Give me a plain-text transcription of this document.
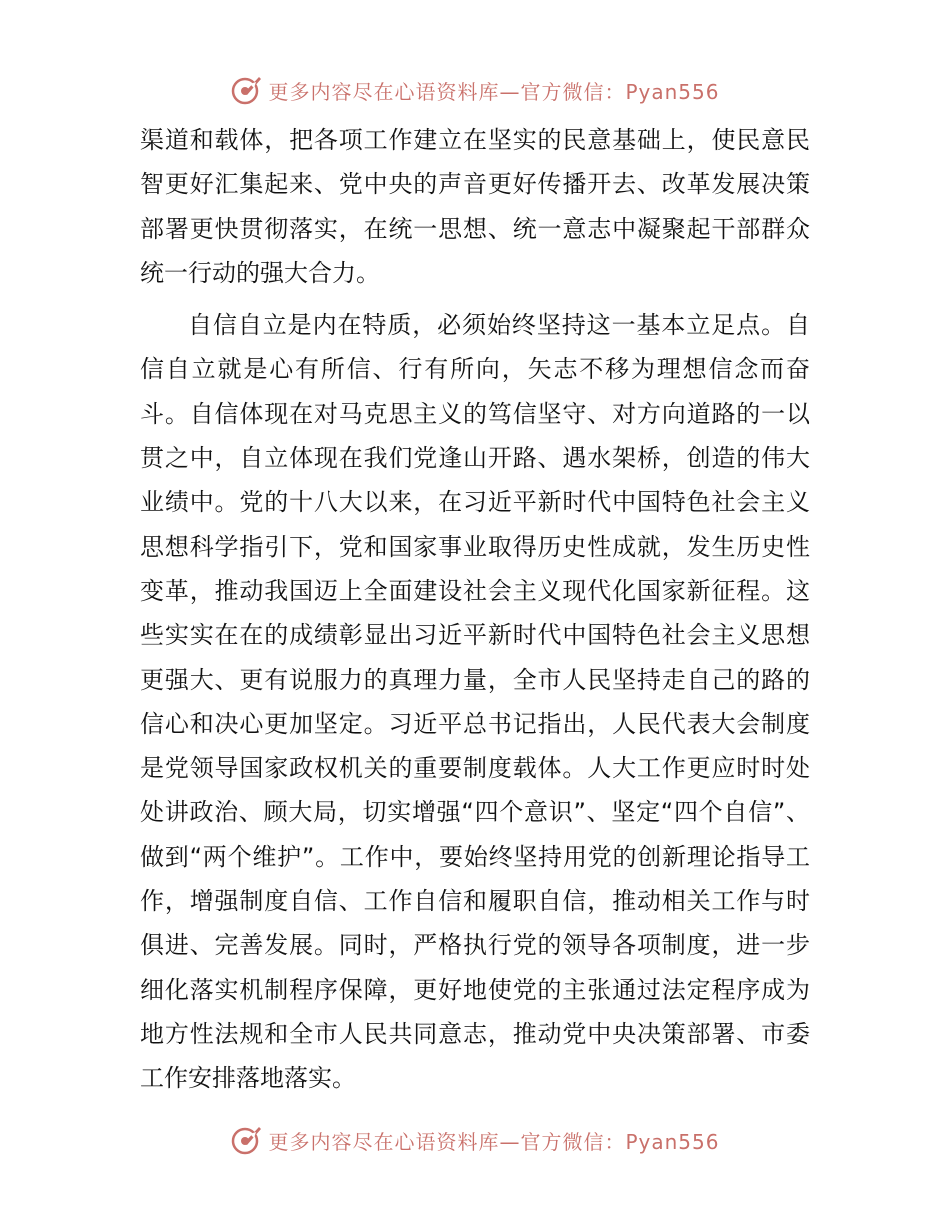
更多内容尽在心语资料库—官方微信：Pyan556

渠道和载体，把各项工作建立在坚实的民意基础上，使民意民智更好汇集起来、党中央的声音更好传播开去、改革发展决策部署更快贯彻落实，在统一思想、统一意志中凝聚起干部群众统一行动的强大合力。

自信自立是内在特质，必须始终坚持这一基本立足点。自信自立就是心有所信、行有所向，矢志不移为理想信念而奋斗。自信体现在对马克思主义的笃信坚守、对方向道路的一以贯之中，自立体现在我们党逢山开路、遇水架桥，创造的伟大业绩中。党的十八大以来，在习近平新时代中国特色社会主义思想科学指引下，党和国家事业取得历史性成就，发生历史性变革，推动我国迈上全面建设社会主义现代化国家新征程。这些实实在在的成绩彰显出习近平新时代中国特色社会主义思想更强大、更有说服力的真理力量，全市人民坚持走自己的路的信心和决心更加坚定。习近平总书记指出，人民代表大会制度是党领导国家政权机关的重要制度载体。人大工作更应时时处处讲政治、顾大局，切实增强“四个意识”、坚定“四个自信”、做到“两个维护”。工作中，要始终坚持用党的创新理论指导工作，增强制度自信、工作自信和履职自信，推动相关工作与时俱进、完善发展。同时，严格执行党的领导各项制度，进一步细化落实机制程序保障，更好地使党的主张通过法定程序成为地方性法规和全市人民共同意志，推动党中央决策部署、市委工作安排落地落实。

更多内容尽在心语资料库—官方微信：Pyan556
